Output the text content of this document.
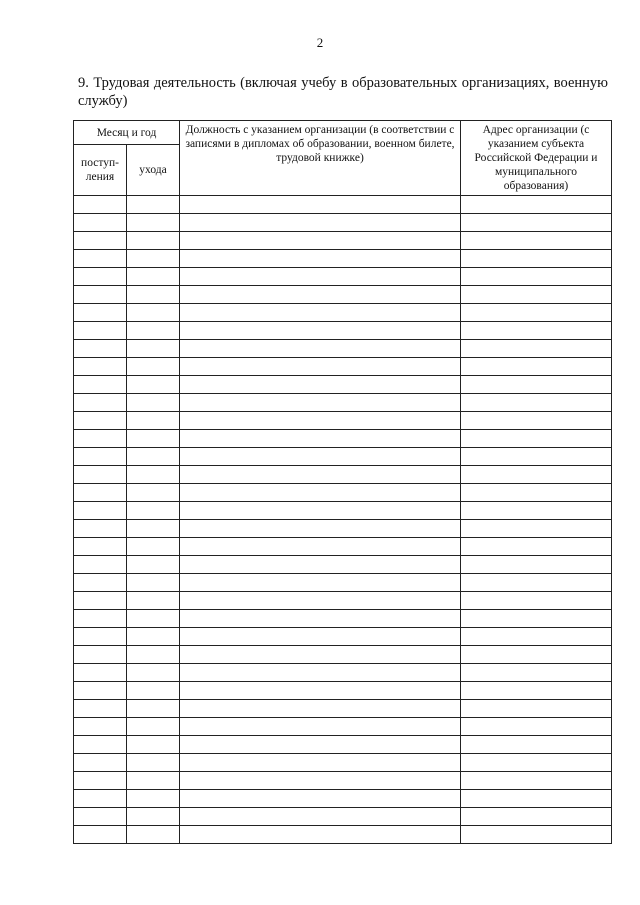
2
9. Трудовая деятельность (включая учебу в образовательных организациях, военную службу)
Месяц и год		Должность с указанием организации (в соответствии с записями в дипломах об образовании, военном билете, трудовой книжке)	Адрес организации (с указанием субъекта Российской Федерации и муниципального образования)

поступ-ления	ухода		
